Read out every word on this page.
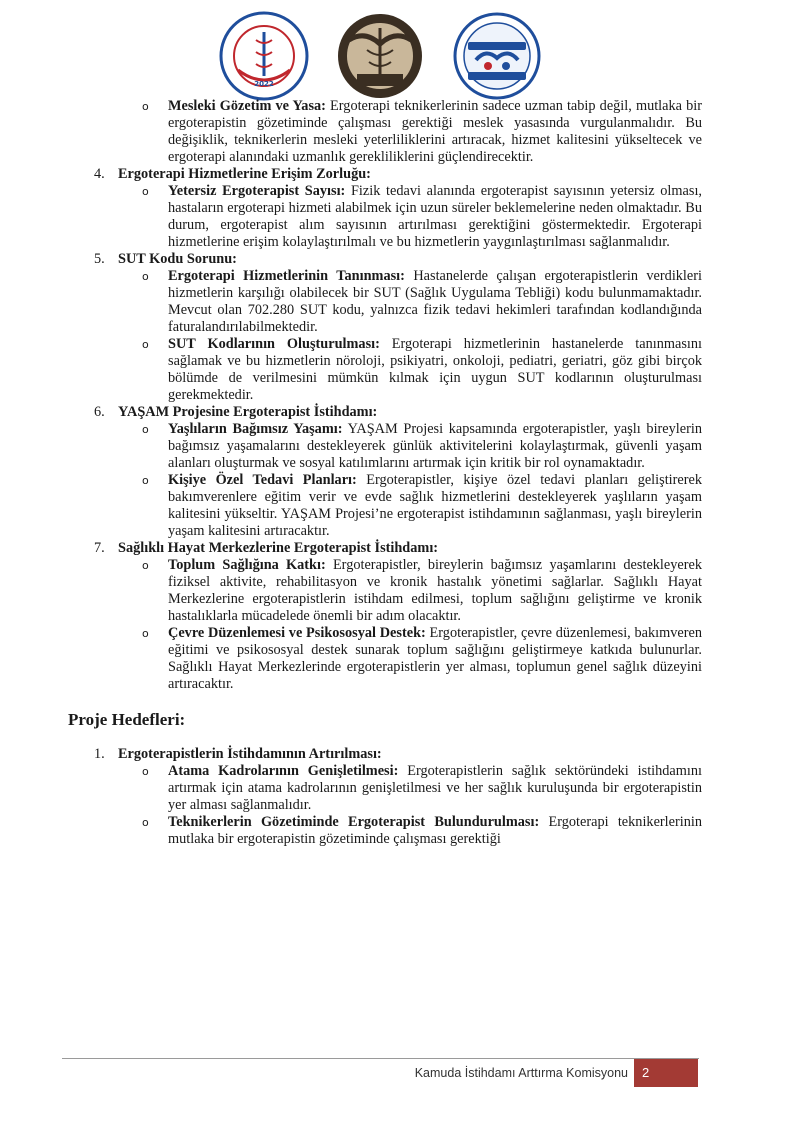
2022
o Mesleki Gözetim ve Yasa: Ergoterapi teknikerlerinin sadece uzman tabip değil, mutlaka bir ergoterapistin gözetiminde çalışması gerektiği meslek yasasında vurgulanmalıdır. Bu değişiklik, teknikerlerin mesleki yeterliliklerini artıracak, hizmet kalitesini yükseltecek ve ergoterapi alanındaki uzmanlık gerekliliklerini güçlendirecektir.

4. Ergoterapi Hizmetlerine Erişim Zorluğu:
o Yetersiz Ergoterapist Sayısı: Fizik tedavi alanında ergoterapist sayısının yetersiz olması, hastaların ergoterapi hizmeti alabilmek için uzun süreler beklemelerine neden olmaktadır. Bu durum, ergoterapist alım sayısının artırılması gerektiğini göstermektedir. Ergoterapi hizmetlerine erişim kolaylaştırılmalı ve bu hizmetlerin yaygınlaştırılması sağlanmalıdır.

5. SUT Kodu Sorunu:
o Ergoterapi Hizmetlerinin Tanınması: Hastanelerde çalışan ergoterapistlerin verdikleri hizmetlerin karşılığı olabilecek bir SUT (Sağlık Uygulama Tebliği) kodu bulunmamaktadır. Mevcut olan 702.280 SUT kodu, yalnızca fizik tedavi hekimleri tarafından kodlandığında faturalandırılabilmektedir.

o SUT Kodlarının Oluşturulması: Ergoterapi hizmetlerinin hastanelerde tanınmasını sağlamak ve bu hizmetlerin nöroloji, psikiyatri, onkoloji, pediatri, geriatri, göz gibi birçok bölümde de verilmesini mümkün kılmak için uygun SUT kodlarının oluşturulması gerekmektedir.

6. YAŞAM Projesine Ergoterapist İstihdamı:
o Yaşlıların Bağımsız Yaşamı: YAŞAM Projesi kapsamında ergoterapistler, yaşlı bireylerin bağımsız yaşamalarını destekleyerek günlük aktivitelerini kolaylaştırmak, güvenli yaşam alanları oluşturmak ve sosyal katılımlarını artırmak için kritik bir rol oynamaktadır.

o Kişiye Özel Tedavi Planları: Ergoterapistler, kişiye özel tedavi planları geliştirerek bakımverenlere eğitim verir ve evde sağlık hizmetlerini destekleyerek yaşlıların yaşam kalitesini yükseltir. YAŞAM Projesi’ne ergoterapist istihdamının sağlanması, yaşlı bireylerin yaşam kalitesini artıracaktır.

7. Sağlıklı Hayat Merkezlerine Ergoterapist İstihdamı:
o Toplum Sağlığına Katkı: Ergoterapistler, bireylerin bağımsız yaşamlarını destekleyerek fiziksel aktivite, rehabilitasyon ve kronik hastalık yönetimi sağlarlar. Sağlıklı Hayat Merkezlerine ergoterapistlerin istihdam edilmesi, toplum sağlığını geliştirme ve kronik hastalıklarla mücadelede önemli bir adım olacaktır.

o Çevre Düzenlemesi ve Psikososyal Destek: Ergoterapistler, çevre düzenlemesi, bakımveren eğitimi ve psikososyal destek sunarak toplum sağlığını geliştirmeye katkıda bulunurlar. Sağlıklı Hayat Merkezlerinde ergoterapistlerin yer alması, toplumun genel sağlık düzeyini artıracaktır.

Proje Hedefleri:
1. Ergoterapistlerin İstihdamının Artırılması:
o Atama Kadrolarının Genişletilmesi: Ergoterapistlerin sağlık sektöründeki istihdamını artırmak için atama kadrolarının genişletilmesi ve her sağlık kuruluşunda bir ergoterapistin yer alması sağlanmalıdır.

o Teknikerlerin Gözetiminde Ergoterapist Bulundurulması: Ergoterapi teknikerlerinin mutlaka bir ergoterapistin gözetiminde çalışması gerektiği

Kamuda İstihdamı Arttırma Komisyonu	2
